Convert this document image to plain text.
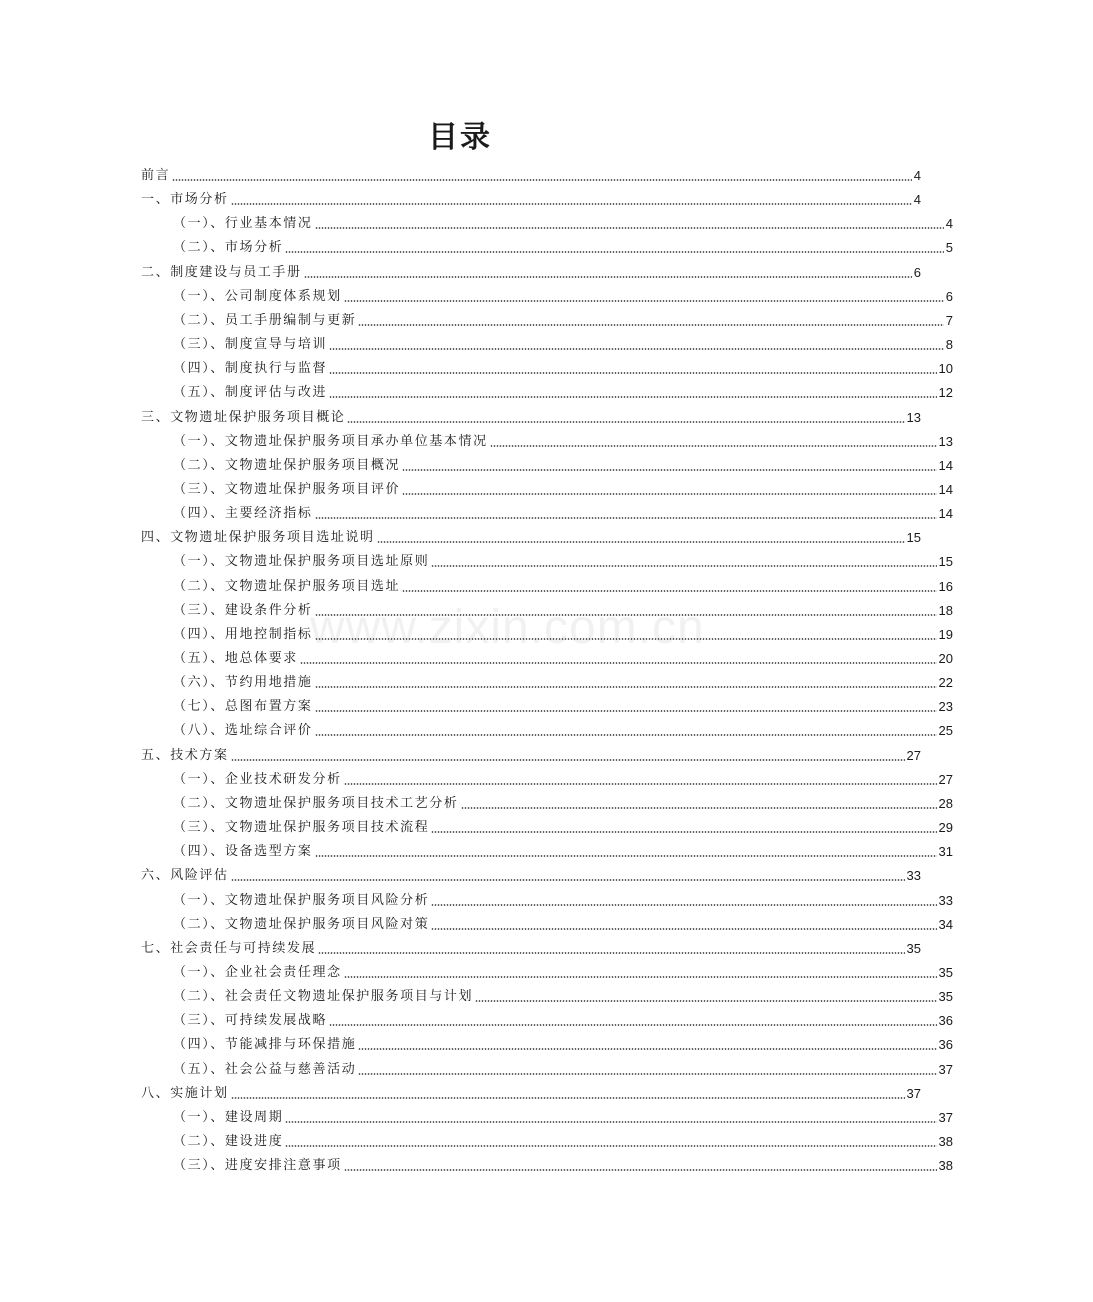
www.zixin.com.cn
目录
前言	4
一、市场分析	4
（一）、行业基本情况	4
（二）、市场分析	5
二、制度建设与员工手册	6
（一）、公司制度体系规划	6
（二）、员工手册编制与更新	7
（三）、制度宣导与培训	8
（四）、制度执行与监督	10
（五）、制度评估与改进	12
三、文物遗址保护服务项目概论	13
（一）、文物遗址保护服务项目承办单位基本情况	13
（二）、文物遗址保护服务项目概况	14
（三）、文物遗址保护服务项目评价	14
（四）、主要经济指标	14
四、文物遗址保护服务项目选址说明	15
（一）、文物遗址保护服务项目选址原则	15
（二）、文物遗址保护服务项目选址	16
（三）、建设条件分析	18
（四）、用地控制指标	19
（五）、地总体要求	20
（六）、节约用地措施	22
（七）、总图布置方案	23
（八）、选址综合评价	25
五、技术方案	27
（一）、企业技术研发分析	27
（二）、文物遗址保护服务项目技术工艺分析	28
（三）、文物遗址保护服务项目技术流程	29
（四）、设备选型方案	31
六、风险评估	33
（一）、文物遗址保护服务项目风险分析	33
（二）、文物遗址保护服务项目风险对策	34
七、社会责任与可持续发展	35
（一）、企业社会责任理念	35
（二）、社会责任文物遗址保护服务项目与计划	35
（三）、可持续发展战略	36
（四）、节能减排与环保措施	36
（五）、社会公益与慈善活动	37
八、实施计划	37
（一）、建设周期	37
（二）、建设进度	38
（三）、进度安排注意事项	38
